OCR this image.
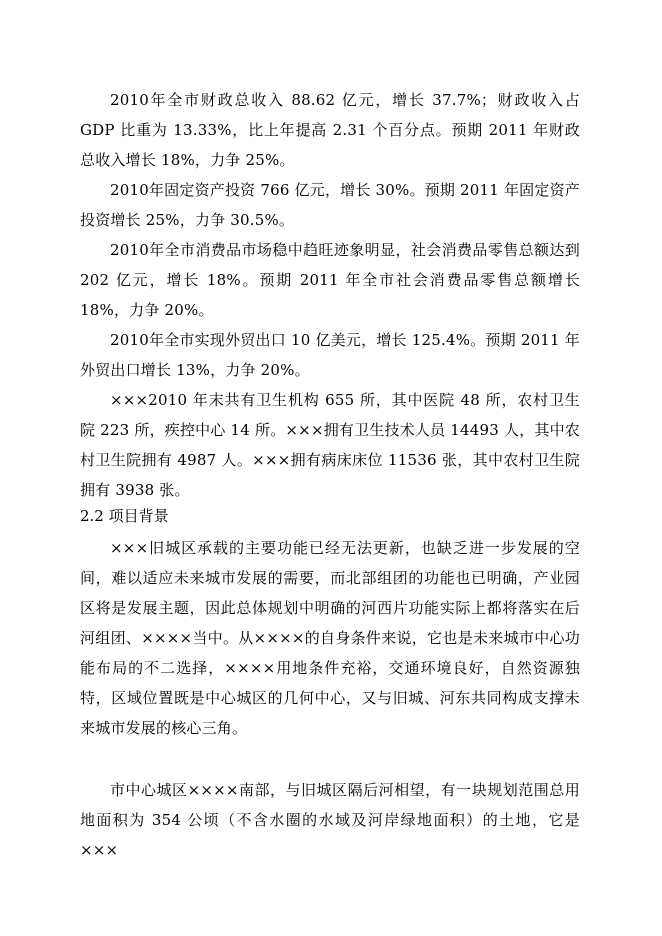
2010年全市财政总收入 88.62 亿元，增长 37.7%；财政收入占 GDP 比重为 13.33%，比上年提高 2.31 个百分点。预期 2011 年财政总收入增长 18%，力争 25%。

2010年固定资产投资 766 亿元，增长 30%。预期 2011 年固定资产投资增长 25%，力争 30.5%。

2010年全市消费品市场稳中趋旺迹象明显，社会消费品零售总额达到 202 亿元，增长 18%。预期 2011 年全市社会消费品零售总额增长 18%，力争 20%。

2010年全市实现外贸出口 10 亿美元，增长 125.4%。预期 2011 年外贸出口增长 13%，力争 20%。

×××2010 年末共有卫生机构 655 所，其中医院 48 所，农村卫生院 223 所，疾控中心 14 所。×××拥有卫生技术人员 14493 人，其中农村卫生院拥有 4987 人。×××拥有病床床位 11536 张，其中农村卫生院拥有 3938 张。

2.2 项目背景

×××旧城区承载的主要功能已经无法更新，也缺乏进一步发展的空间，难以适应未来城市发展的需要，而北部组团的功能也已明确，产业园区将是发展主题，因此总体规划中明确的河西片功能实际上都将落实在后河组团、××××当中。从××××的自身条件来说，它也是未来城市中心功能布局的不二选择，××××用地条件充裕，交通环境良好，自然资源独特，区域位置既是中心城区的几何中心，又与旧城、河东共同构成支撑未来城市发展的核心三角。

市中心城区××××南部，与旧城区隔后河相望，有一块规划范围总用地面积为 354 公顷（不含水圈的水域及河岸绿地面积）的土地，它是×××
